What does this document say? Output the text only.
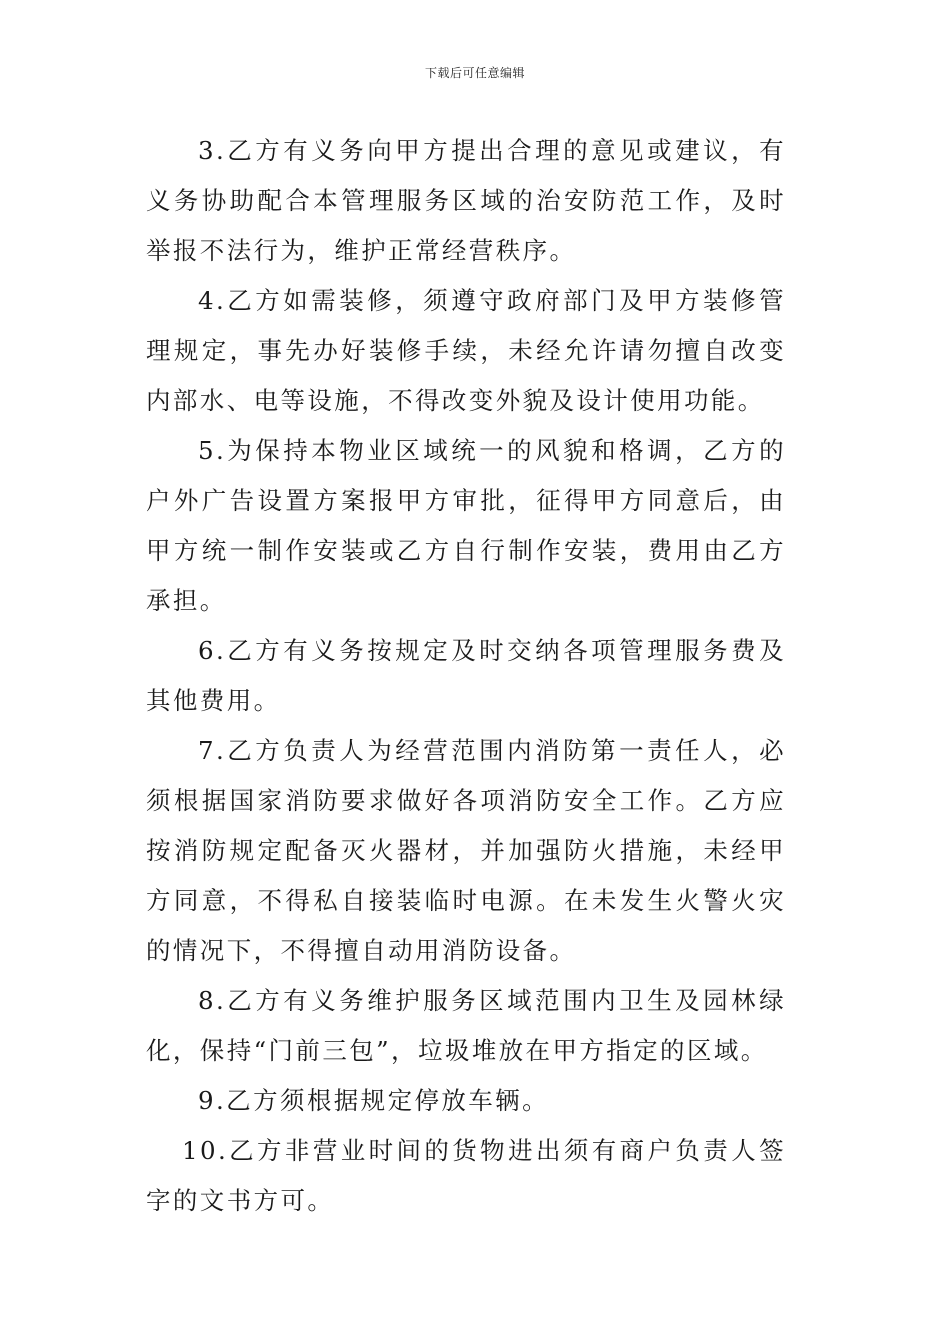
下载后可任意编辑

3.乙方有义务向甲方提出合理的意见或建议，有义务协助配合本管理服务区域的治安防范工作，及时举报不法行为，维护正常经营秩序。

4.乙方如需装修，须遵守政府部门及甲方装修管理规定，事先办好装修手续，未经允许请勿擅自改变内部水、电等设施，不得改变外貌及设计使用功能。

5.为保持本物业区域统一的风貌和格调，乙方的户外广告设置方案报甲方审批，征得甲方同意后，由甲方统一制作安装或乙方自行制作安装，费用由乙方承担。

6.乙方有义务按规定及时交纳各项管理服务费及其他费用。

7.乙方负责人为经营范围内消防第一责任人，必须根据国家消防要求做好各项消防安全工作。乙方应按消防规定配备灭火器材，并加强防火措施，未经甲方同意，不得私自接装临时电源。在未发生火警火灾的情况下，不得擅自动用消防设备。

8.乙方有义务维护服务区域范围内卫生及园林绿化，保持“门前三包”，垃圾堆放在甲方指定的区域。

9.乙方须根据规定停放车辆。

10.乙方非营业时间的货物进出须有商户负责人签字的文书方可。
